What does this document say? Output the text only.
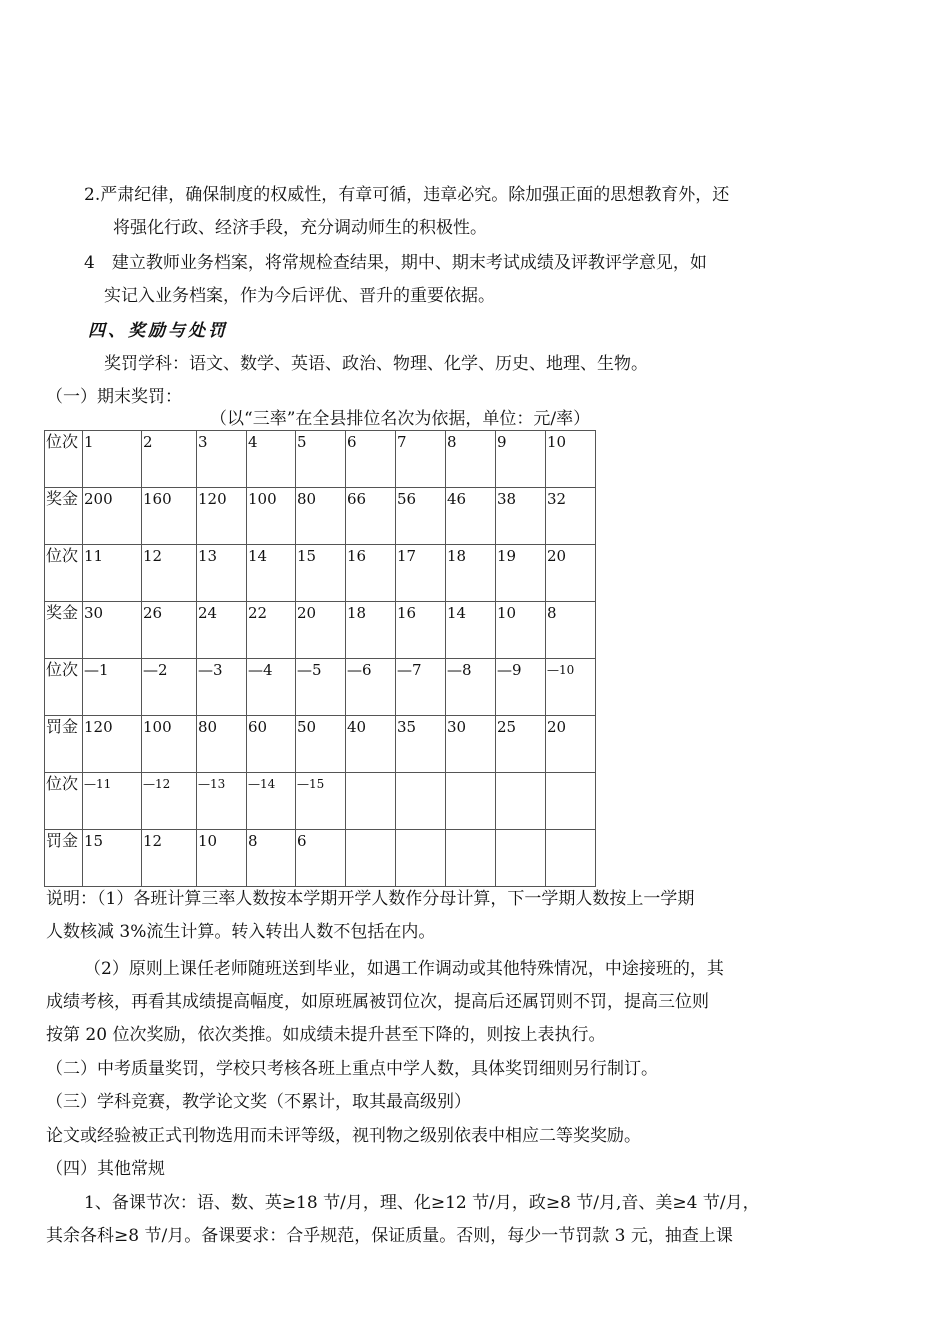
2.严肃纪律，确保制度的权威性，有章可循，违章必究。除加强正面的思想教育外，还
将强化行政、经济手段，充分调动师生的积极性。
4　建立教师业务档案，将常规检查结果，期中、期末考试成绩及评教评学意见，如
实记入业务档案，作为今后评优、晋升的重要依据。
四、奖励与处罚
奖罚学科：语文、数学、英语、政治、物理、化学、历史、地理、生物。
（一）期末奖罚：
（以“三率”在全县排位名次为依据，单位：元/率）
位次	1	2	3	4	5	6	7	8	9	10
奖金	200	160	120	100	80	66	56	46	38	32
位次	11	12	13	14	15	16	17	18	19	20
奖金	30	26	24	22	20	18	16	14	10	8
位次	—1	—2	—3	—4	—5	—6	—7	—8	—9	—10
罚金	120	100	80	60	50	40	35	30	25	20
位次	—11	—12	—13	—14	—15					
罚金	15	12	10	8	6					
说明：（1）各班计算三率人数按本学期开学人数作分母计算，下一学期人数按上一学期
人数核减 3%流生计算。转入转出人数不包括在内。
（2）原则上课任老师随班送到毕业，如遇工作调动或其他特殊情况，中途接班的，其
成绩考核，再看其成绩提高幅度，如原班属被罚位次，提高后还属罚则不罚，提高三位则
按第 20 位次奖励，依次类推。如成绩未提升甚至下降的，则按上表执行。
（二）中考质量奖罚，学校只考核各班上重点中学人数，具体奖罚细则另行制订。
（三）学科竞赛，教学论文奖（不累计，取其最高级别）
论文或经验被正式刊物选用而未评等级，视刊物之级别依表中相应二等奖奖励。
（四）其他常规
1、备课节次：语、数、英≥18 节/月，理、化≥12 节/月，政≥8 节/月,音、美≥4 节/月，
其余各科≥8 节/月。备课要求：合乎规范，保证质量。否则，每少一节罚款 3 元，抽查上课
